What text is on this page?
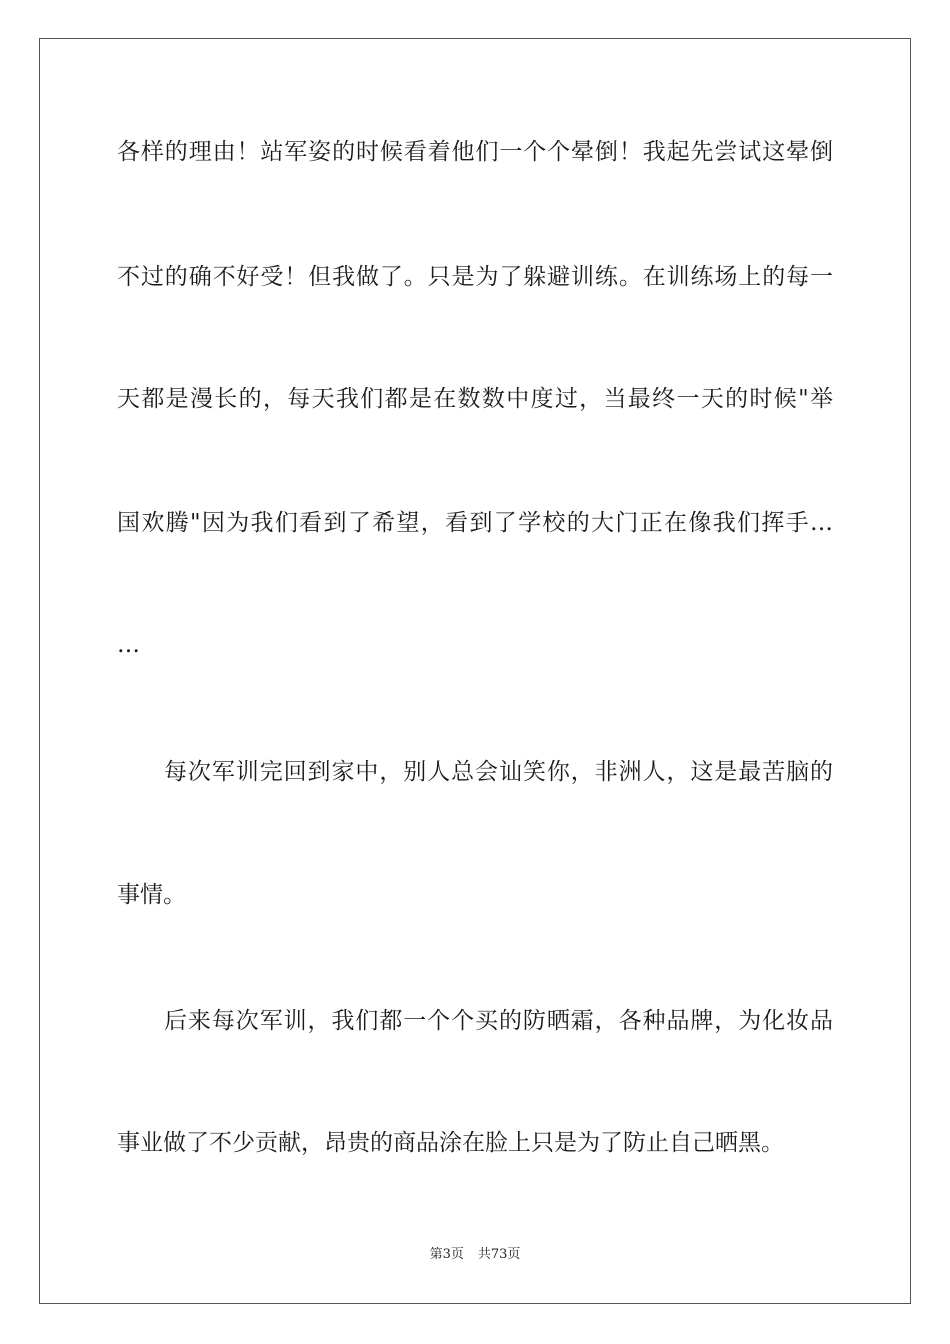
各样的理由！站军姿的时候看着他们一个个晕倒！我起先尝试这晕倒
不过的确不好受！但我做了。只是为了躲避训练。在训练场上的每一
天都是漫长的，每天我们都是在数数中度过，当最终一天的时候"举
国欢腾"因为我们看到了希望，看到了学校的大门正在像我们挥手…
…
每次军训完回到家中，别人总会讪笑你，非洲人，这是最苦脑的
事情。
后来每次军训，我们都一个个买的防晒霜，各种品牌，为化妆品
事业做了不少贡献，昂贵的商品涂在脸上只是为了防止自己晒黑。
第3页 共73页
